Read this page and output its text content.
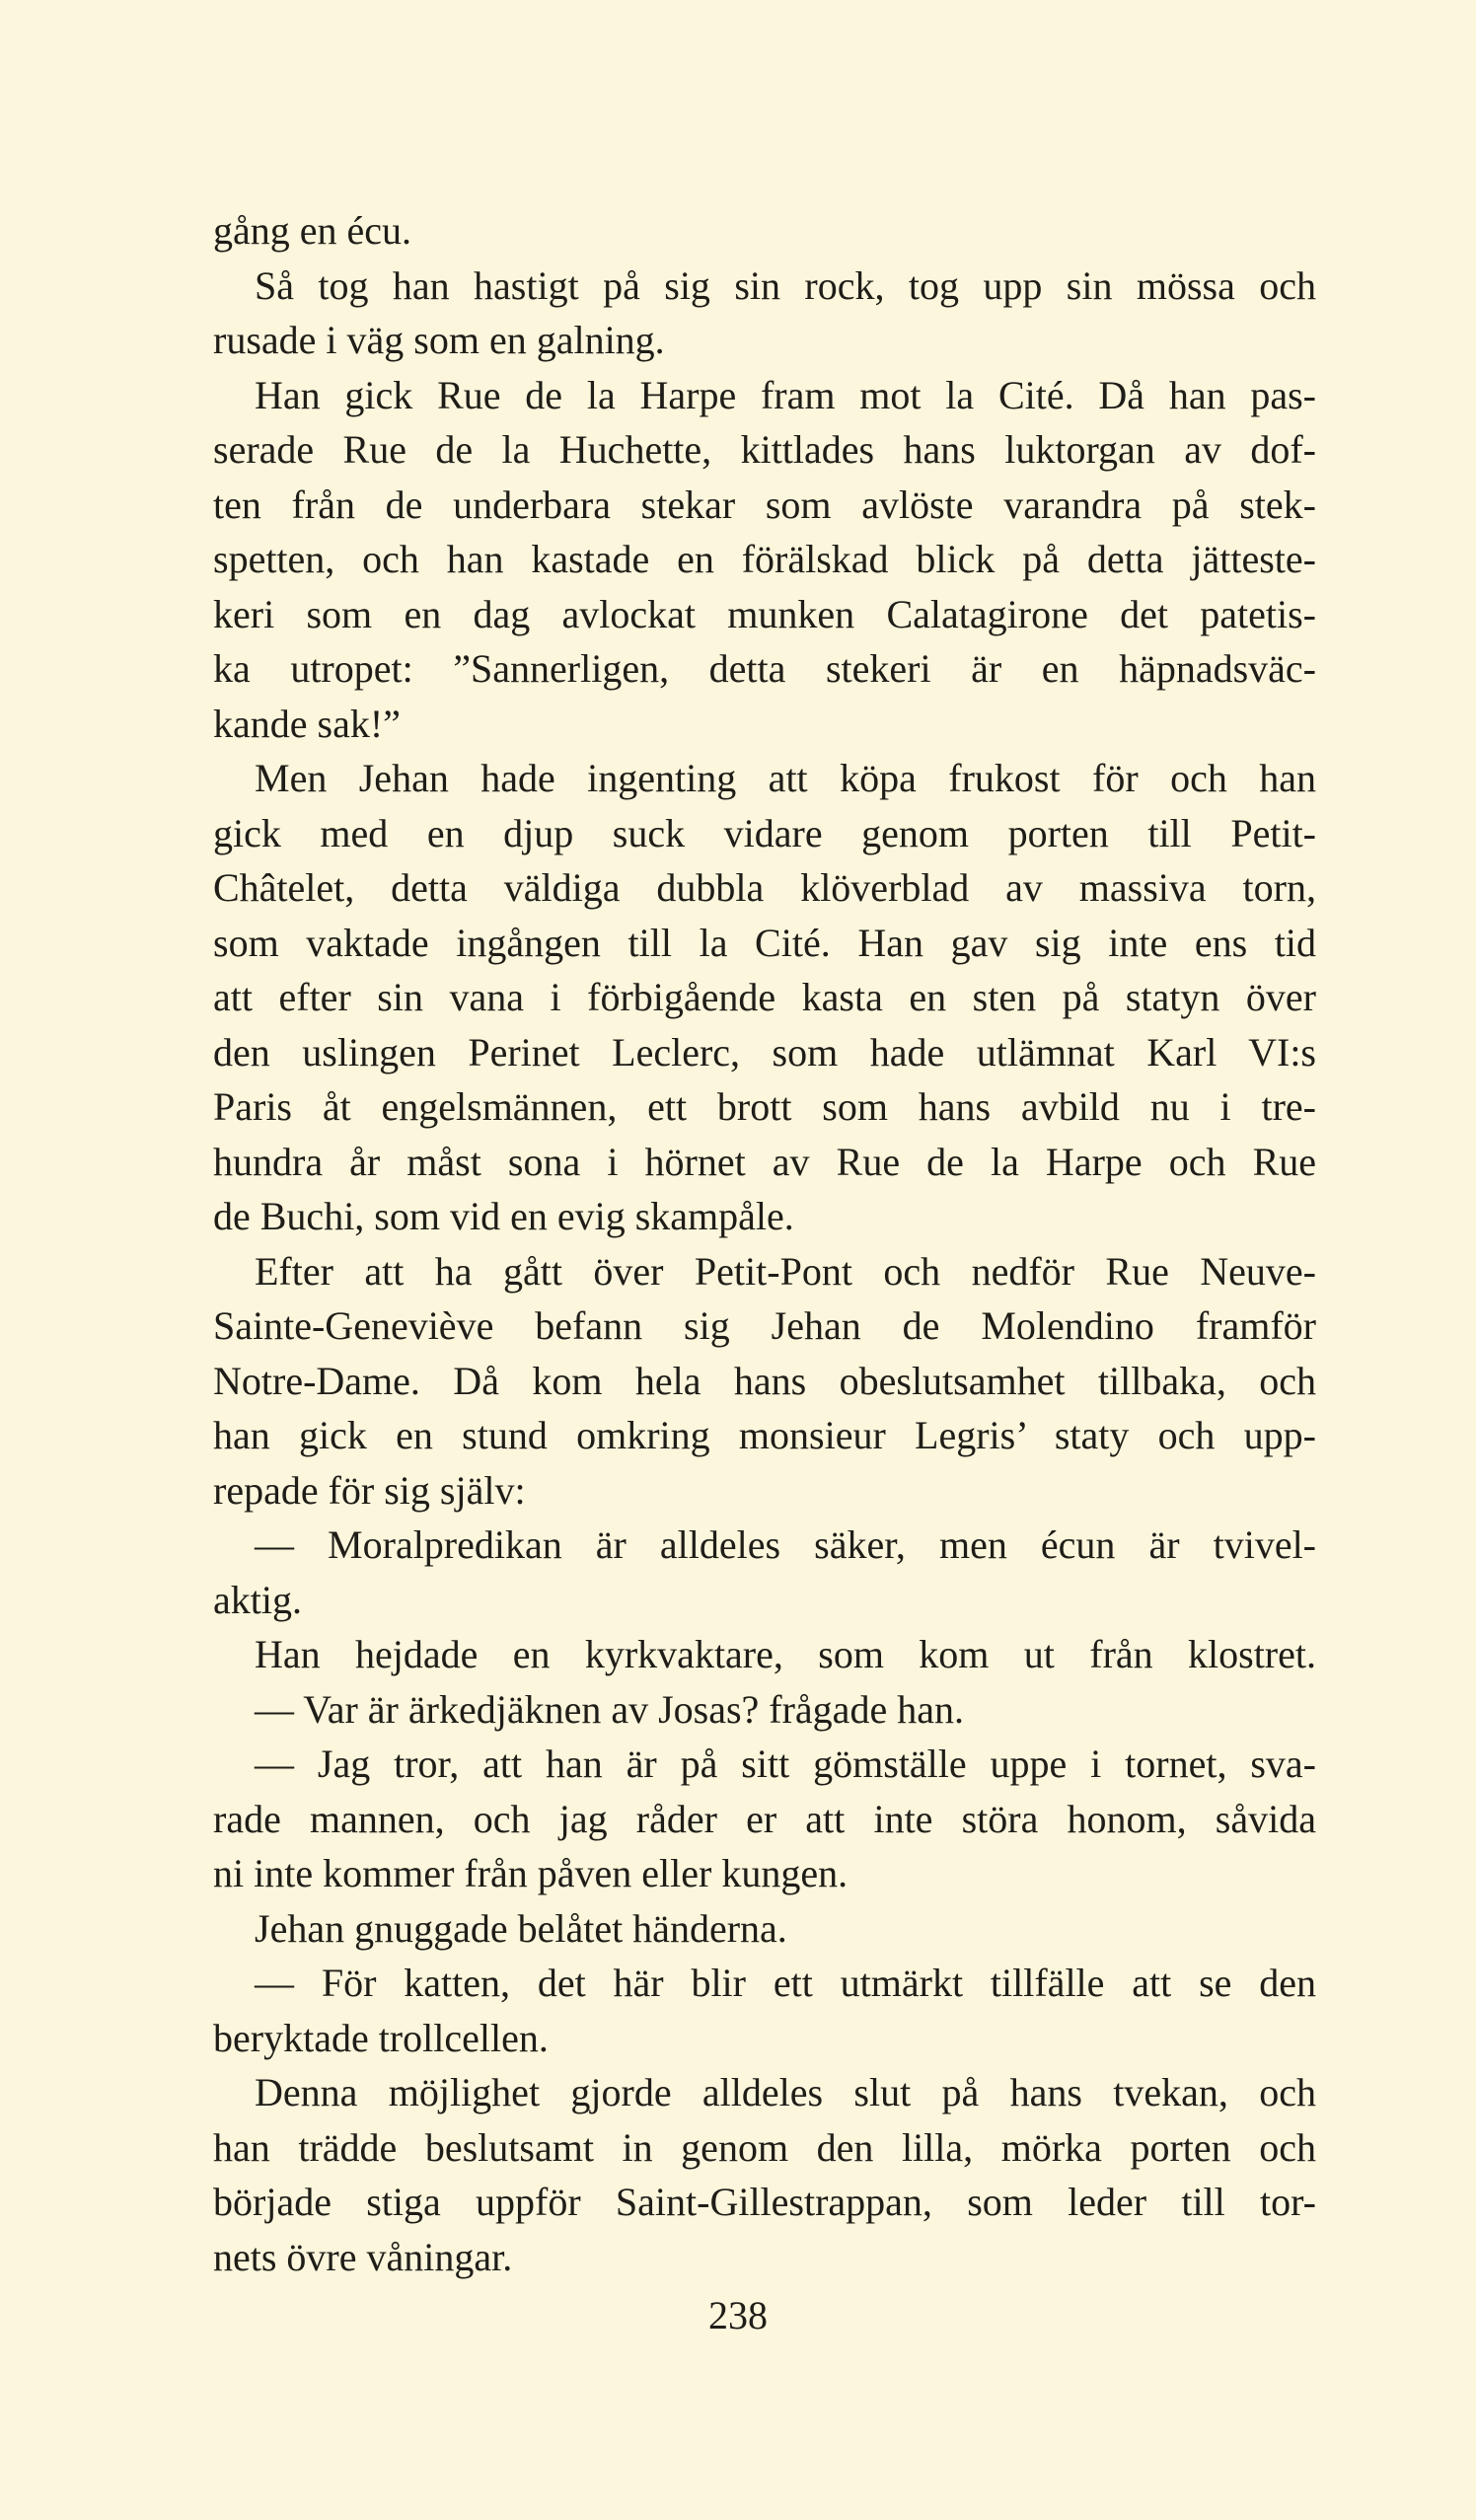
gång en écu.
Så tog han hastigt på sig sin rock, tog upp sin mössa och
rusade i väg som en galning.
Han gick Rue de la Harpe fram mot la Cité. Då han pas-
serade Rue de la Huchette, kittlades hans luktorgan av dof-
ten från de underbara stekar som avlöste varandra på stek-
spetten, och han kastade en förälskad blick på detta jätteste-
keri som en dag avlockat munken Calatagirone det patetis-
ka utropet: ”Sannerligen, detta stekeri är en häpnadsväc-
kande sak!”
Men Jehan hade ingenting att köpa frukost för och han
gick med en djup suck vidare genom porten till Petit-
Châtelet, detta väldiga dubbla klöverblad av massiva torn,
som vaktade ingången till la Cité. Han gav sig inte ens tid
att efter sin vana i förbigående kasta en sten på statyn över
den uslingen Perinet Leclerc, som hade utlämnat Karl VI:s
Paris åt engelsmännen, ett brott som hans avbild nu i tre-
hundra år måst sona i hörnet av Rue de la Harpe och Rue
de Buchi, som vid en evig skampåle.
Efter att ha gått över Petit-Pont och nedför Rue Neuve-
Sainte-Geneviève befann sig Jehan de Molendino framför
Notre-Dame. Då kom hela hans obeslutsamhet tillbaka, och
han gick en stund omkring monsieur Legris’ staty och upp-
repade för sig själv:
— Moralpredikan är alldeles säker, men écun är tvivel-
aktig.
Han hejdade en kyrkvaktare, som kom ut från klostret.
— Var är ärkedjäknen av Josas? frågade han.
— Jag tror, att han är på sitt gömställe uppe i tornet, sva-
rade mannen, och jag råder er att inte störa honom, såvida
ni inte kommer från påven eller kungen.
Jehan gnuggade belåtet händerna.
— För katten, det här blir ett utmärkt tillfälle att se den
beryktade trollcellen.
Denna möjlighet gjorde alldeles slut på hans tvekan, och
han trädde beslutsamt in genom den lilla, mörka porten och
började stiga uppför Saint-Gillestrappan, som leder till tor-
nets övre våningar.
238
